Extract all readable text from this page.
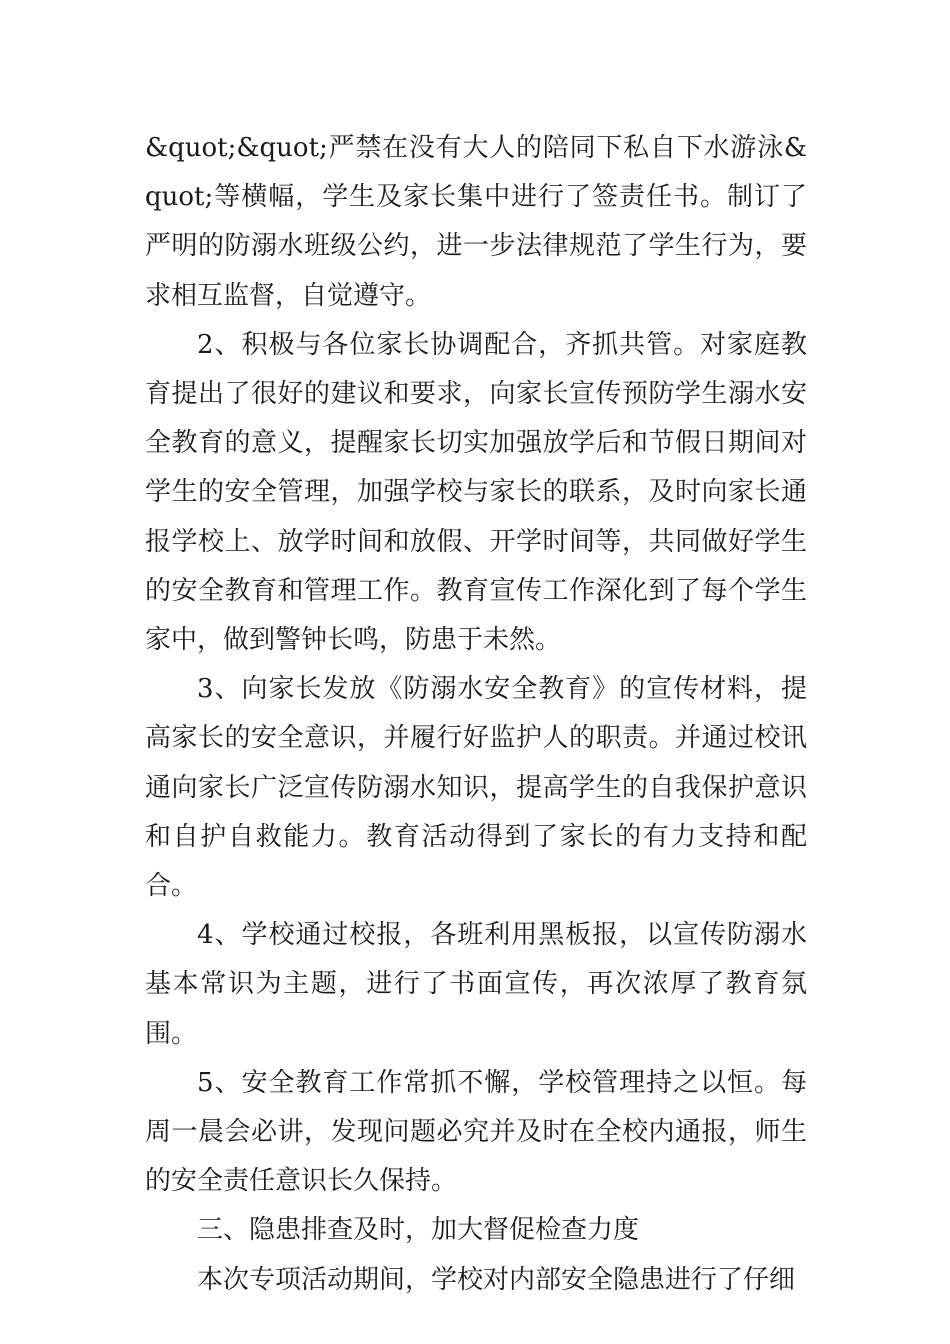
&quot;&quot;严禁在没有大人的陪同下私自下水游泳&quot;等横幅，学生及家长集中进行了签责任书。制订了严明的防溺水班级公约，进一步法律规范了学生行为，要求相互监督，自觉遵守。

2、积极与各位家长协调配合，齐抓共管。对家庭教育提出了很好的建议和要求，向家长宣传预防学生溺水安全教育的意义，提醒家长切实加强放学后和节假日期间对学生的安全管理，加强学校与家长的联系，及时向家长通报学校上、放学时间和放假、开学时间等，共同做好学生的安全教育和管理工作。教育宣传工作深化到了每个学生家中，做到警钟长鸣，防患于未然。

3、向家长发放《防溺水安全教育》的宣传材料，提高家长的安全意识，并履行好监护人的职责。并通过校讯通向家长广泛宣传防溺水知识，提高学生的自我保护意识和自护自救能力。教育活动得到了家长的有力支持和配合。

4、学校通过校报，各班利用黑板报，以宣传防溺水基本常识为主题，进行了书面宣传，再次浓厚了教育氛围。

5、安全教育工作常抓不懈，学校管理持之以恒。每周一晨会必讲，发现问题必究并及时在全校内通报，师生的安全责任意识长久保持。

三、隐患排查及时，加大督促检查力度

本次专项活动期间，学校对内部安全隐患进行了仔细
